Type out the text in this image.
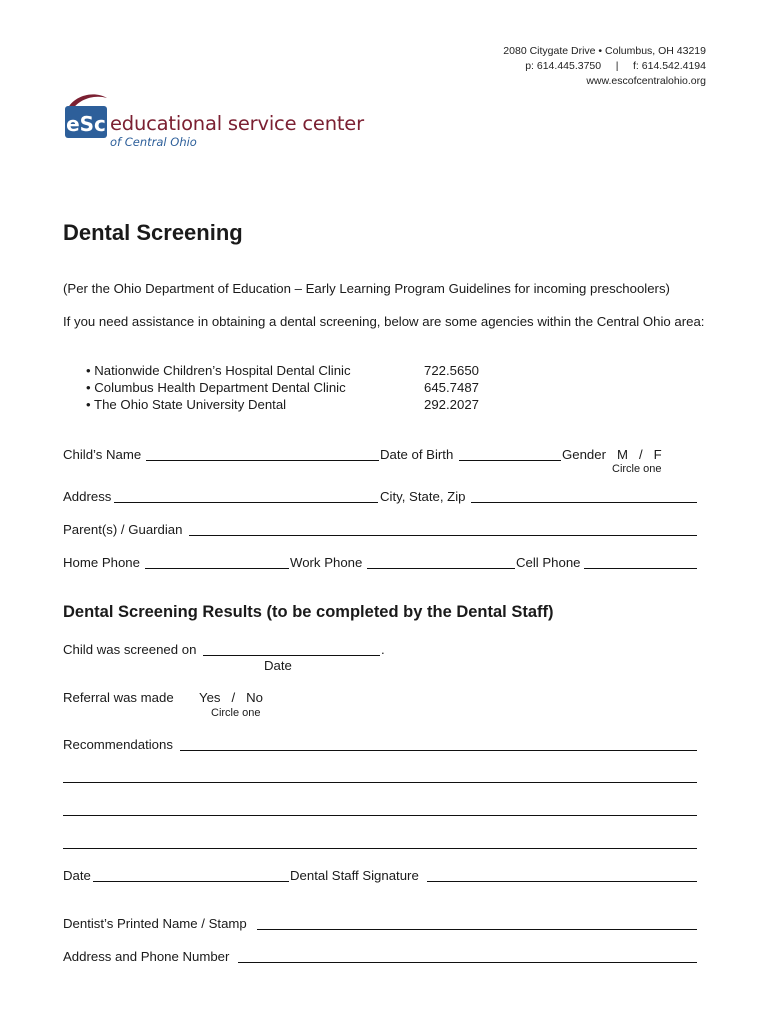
2080 Citygate Drive • Columbus, OH 43219
p: 614.445.3750     |     f: 614.542.4194
www.escofcentralohio.org
eSc educational service center
of Central Ohio
Dental Screening
(Per the Ohio Department of Education – Early Learning Program Guidelines for incoming preschoolers)
If you need assistance in obtaining a dental screening, below are some agencies within the Central Ohio area:
• Nationwide Children’s Hospital Dental Clinic	722.5650
• Columbus Health Department Dental Clinic	645.7487
• The Ohio State University Dental	292.2027
Child’s Name	Date of Birth	Gender   M   /   F
Circle one
Address	City, State, Zip
Parent(s) / Guardian
Home Phone	Work Phone	Cell Phone
Dental Screening Results (to be completed by the Dental Staff)
Child was screened on	.
Date
Referral was made Yes   /   No
Circle one
Recommendations
Date	Dental Staff Signature
Dentist’s Printed Name / Stamp
Address and Phone Number
